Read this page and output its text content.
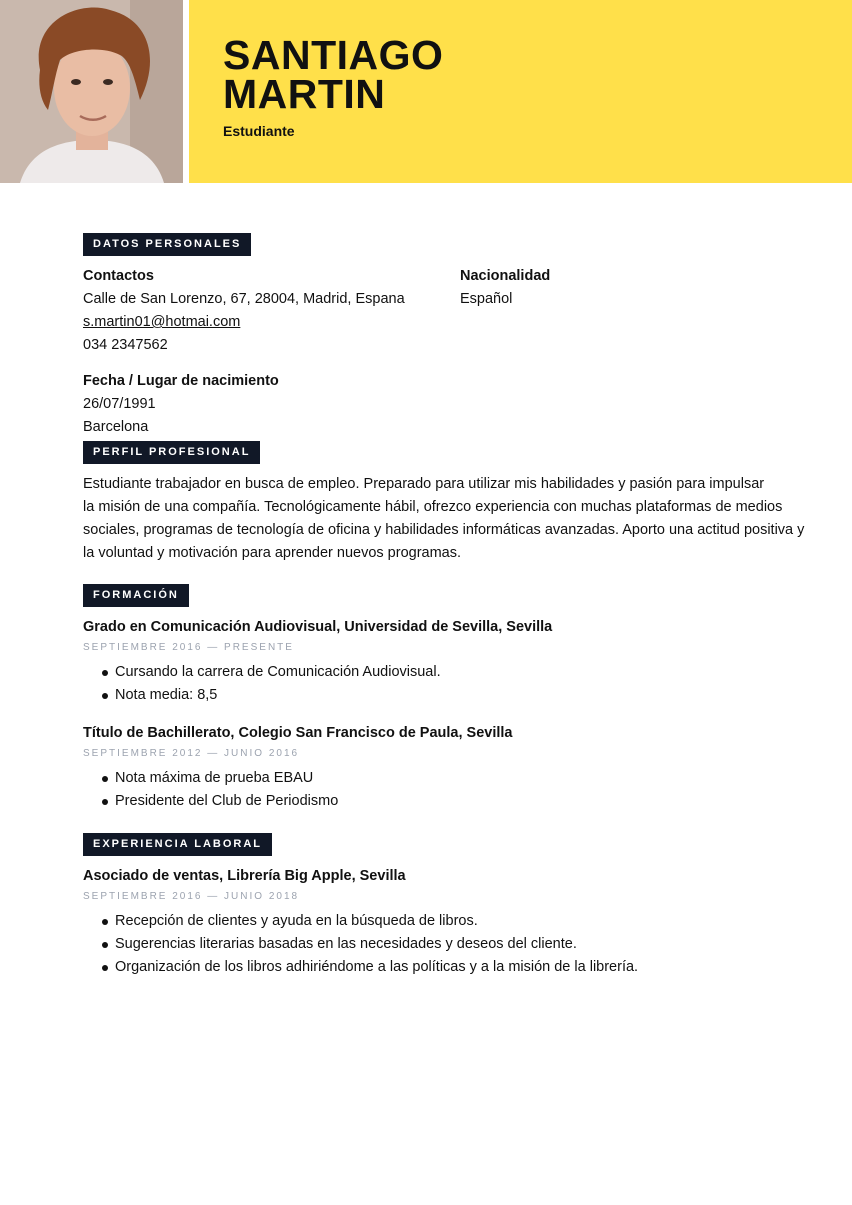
SANTIAGO
MARTIN
Estudiante
DATOS PERSONALES
Contactos
Calle de San Lorenzo, 67, 28004, Madrid, Espana
s.martin01@hotmai.com
034 2347562
Nacionalidad
Español
Fecha / Lugar de nacimiento
26/07/1991
Barcelona
PERFIL PROFESIONAL
Estudiante trabajador en busca de empleo. Preparado para utilizar mis habilidades y pasión para impulsar
la misión de una compañía. Tecnológicamente hábil, ofrezco experiencia con muchas plataformas de medios
sociales, programas de tecnología de oficina y habilidades informáticas avanzadas. Aporto una actitud positiva y
la voluntad y motivación para aprender nuevos programas.
FORMACIÓN
Grado en Comunicación Audiovisual, Universidad de Sevilla, Sevilla
SEPTIEMBRE 2016 — PRESENTE
Cursando la carrera de Comunicación Audiovisual.
Nota media: 8,5
Título de Bachillerato, Colegio San Francisco de Paula, Sevilla
SEPTIEMBRE 2012 — JUNIO 2016
Nota máxima de prueba EBAU
Presidente del Club de Periodismo
EXPERIENCIA LABORAL
Asociado de ventas, Librería Big Apple, Sevilla
SEPTIEMBRE 2016 — JUNIO 2018
Recepción de clientes y ayuda en la búsqueda de libros.
Sugerencias literarias basadas en las necesidades y deseos del cliente.
Organización de los libros adhiriéndome a las políticas y a la misión de la librería.
